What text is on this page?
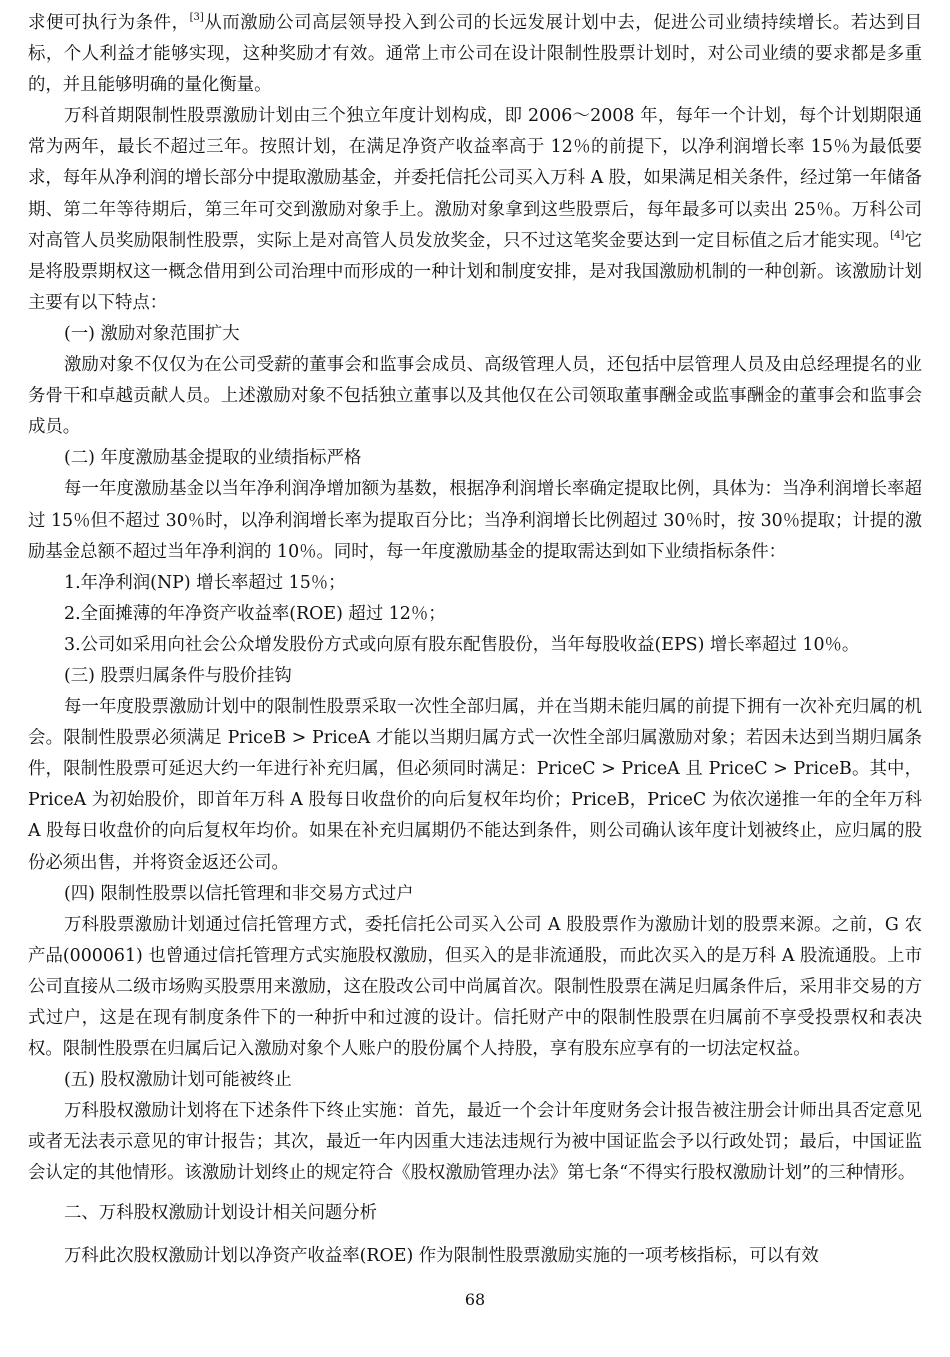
求便可执行为条件，[3]从而激励公司高层领导投入到公司的长远发展计划中去，促进公司业绩持续增长。若达到目标，个人利益才能够实现，这种奖励才有效。通常上市公司在设计限制性股票计划时，对公司业绩的要求都是多重的，并且能够明确的量化衡量。

万科首期限制性股票激励计划由三个独立年度计划构成，即 2006～2008 年，每年一个计划，每个计划期限通常为两年，最长不超过三年。按照计划，在满足净资产收益率高于 12％的前提下，以净利润增长率 15％为最低要求，每年从净利润的增长部分中提取激励基金，并委托信托公司买入万科 A 股，如果满足相关条件，经过第一年储备期、第二年等待期后，第三年可交到激励对象手上。激励对象拿到这些股票后，每年最多可以卖出 25％。万科公司对高管人员奖励限制性股票，实际上是对高管人员发放奖金，只不过这笔奖金要达到一定目标值之后才能实现。[4]它是将股票期权这一概念借用到公司治理中而形成的一种计划和制度安排，是对我国激励机制的一种创新。该激励计划主要有以下特点：

(一) 激励对象范围扩大

激励对象不仅仅为在公司受薪的董事会和监事会成员、高级管理人员，还包括中层管理人员及由总经理提名的业务骨干和卓越贡献人员。上述激励对象不包括独立董事以及其他仅在公司领取董事酬金或监事酬金的董事会和监事会成员。

(二) 年度激励基金提取的业绩指标严格

每一年度激励基金以当年净利润净增加额为基数，根据净利润增长率确定提取比例，具体为：当净利润增长率超过 15％但不超过 30％时，以净利润增长率为提取百分比；当净利润增长比例超过 30％时，按 30％提取；计提的激励基金总额不超过当年净利润的 10％。同时，每一年度激励基金的提取需达到如下业绩指标条件：

1.年净利润(NP) 增长率超过 15％；

2.全面摊薄的年净资产收益率(ROE) 超过 12％；

3.公司如采用向社会公众增发股份方式或向原有股东配售股份，当年每股收益(EPS) 增长率超过 10％。

(三) 股票归属条件与股价挂钩

每一年度股票激励计划中的限制性股票采取一次性全部归属，并在当期未能归属的前提下拥有一次补充归属的机会。限制性股票必须满足 PriceB > PriceA 才能以当期归属方式一次性全部归属激励对象；若因未达到当期归属条件，限制性股票可延迟大约一年进行补充归属，但必须同时满足：PriceC > PriceA 且 PriceC > PriceB。其中，PriceA 为初始股价，即首年万科 A 股每日收盘价的向后复权年均价；PriceB，PriceC 为依次递推一年的全年万科 A 股每日收盘价的向后复权年均价。如果在补充归属期仍不能达到条件，则公司确认该年度计划被终止，应归属的股份必须出售，并将资金返还公司。

(四) 限制性股票以信托管理和非交易方式过户

万科股票激励计划通过信托管理方式，委托信托公司买入公司 A 股股票作为激励计划的股票来源。之前，G 农产品(000061) 也曾通过信托管理方式实施股权激励，但买入的是非流通股，而此次买入的是万科 A 股流通股。上市公司直接从二级市场购买股票用来激励，这在股改公司中尚属首次。限制性股票在满足归属条件后，采用非交易的方式过户，这是在现有制度条件下的一种折中和过渡的设计。信托财产中的限制性股票在归属前不享受投票权和表决权。限制性股票在归属后记入激励对象个人账户的股份属个人持股，享有股东应享有的一切法定权益。

(五) 股权激励计划可能被终止

万科股权激励计划将在下述条件下终止实施：首先，最近一个会计年度财务会计报告被注册会计师出具否定意见或者无法表示意见的审计报告；其次，最近一年内因重大违法违规行为被中国证监会予以行政处罚；最后，中国证监会认定的其他情形。该激励计划终止的规定符合《股权激励管理办法》第七条“不得实行股权激励计划”的三种情形。

二、万科股权激励计划设计相关问题分析

万科此次股权激励计划以净资产收益率(ROE) 作为限制性股票激励实施的一项考核指标，可以有效

68
